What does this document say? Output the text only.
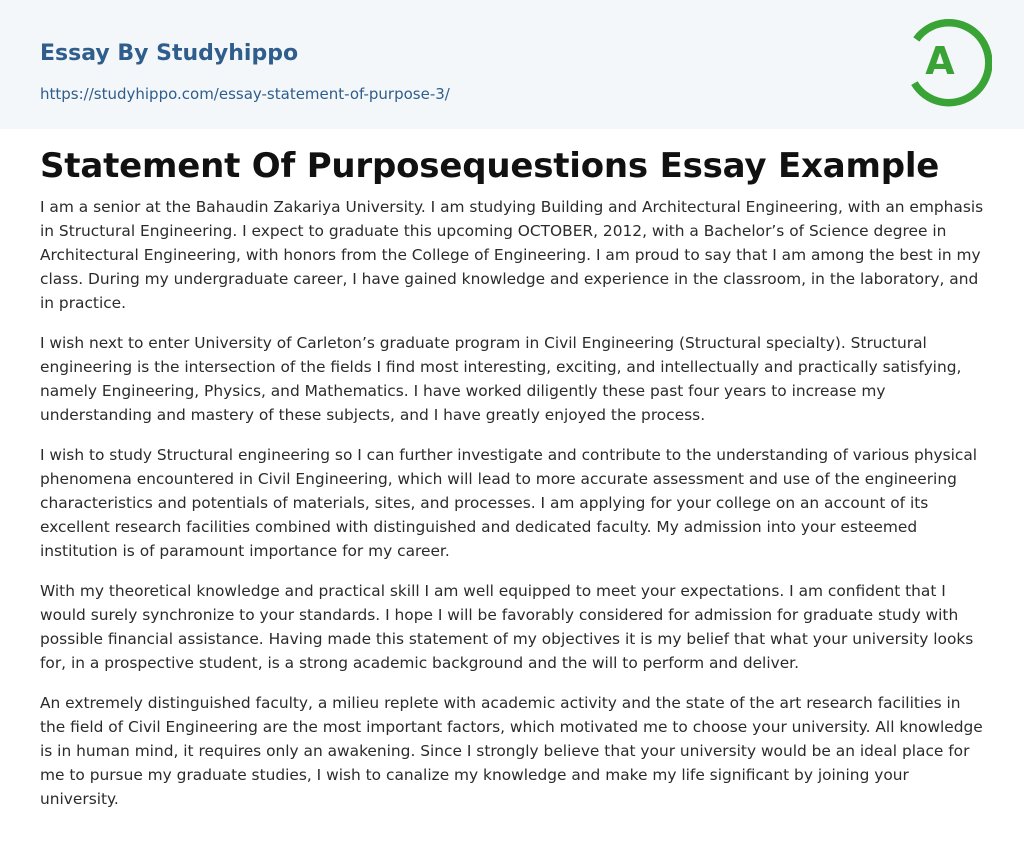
Essay By Studyhippo
https://studyhippo.com/essay-statement-of-purpose-3/
A
Statement Of Purposequestions Essay Example

I am a senior at the Bahaudin Zakariya University. I am studying Building and Architectural Engineering, with an emphasis in Structural Engineering. I expect to graduate this upcoming OCTOBER, 2012, with a Bachelor’s of Science degree in Architectural Engineering, with honors from the College of Engineering. I am proud to say that I am among the best in my class. During my undergraduate career, I have gained knowledge and experience in the classroom, in the laboratory, and in practice.

I wish next to enter University of Carleton’s graduate program in Civil Engineering (Structural specialty). Structural engineering is the intersection of the fields I find most interesting, exciting, and intellectually and practically satisfying, namely Engineering, Physics, and Mathematics. I have worked diligently these past four years to increase my understanding and mastery of these subjects, and I have greatly enjoyed the process.

I wish to study Structural engineering so I can further investigate and contribute to the understanding of various physical phenomena encountered in Civil Engineering, which will lead to more accurate assessment and use of the engineering characteristics and potentials of materials, sites, and processes. I am applying for your college on an account of its excellent research facilities combined with distinguished and dedicated faculty. My admission into your esteemed institution is of paramount importance for my career.

With my theoretical knowledge and practical skill I am well equipped to meet your expectations. I am confident that I would surely synchronize to your standards. I hope I will be favorably considered for admission for graduate study with possible financial assistance. Having made this statement of my objectives it is my belief that what your university looks for, in a prospective student, is a strong academic background and the will to perform and deliver.

An extremely distinguished faculty, a milieu replete with academic activity and the state of the art research facilities in the field of Civil Engineering are the most important factors, which motivated me to choose your university. All knowledge is in human mind, it requires only an awakening. Since I strongly believe that your university would be an ideal place for me to pursue my graduate studies, I wish to canalize my knowledge and make my life significant by joining your university.
